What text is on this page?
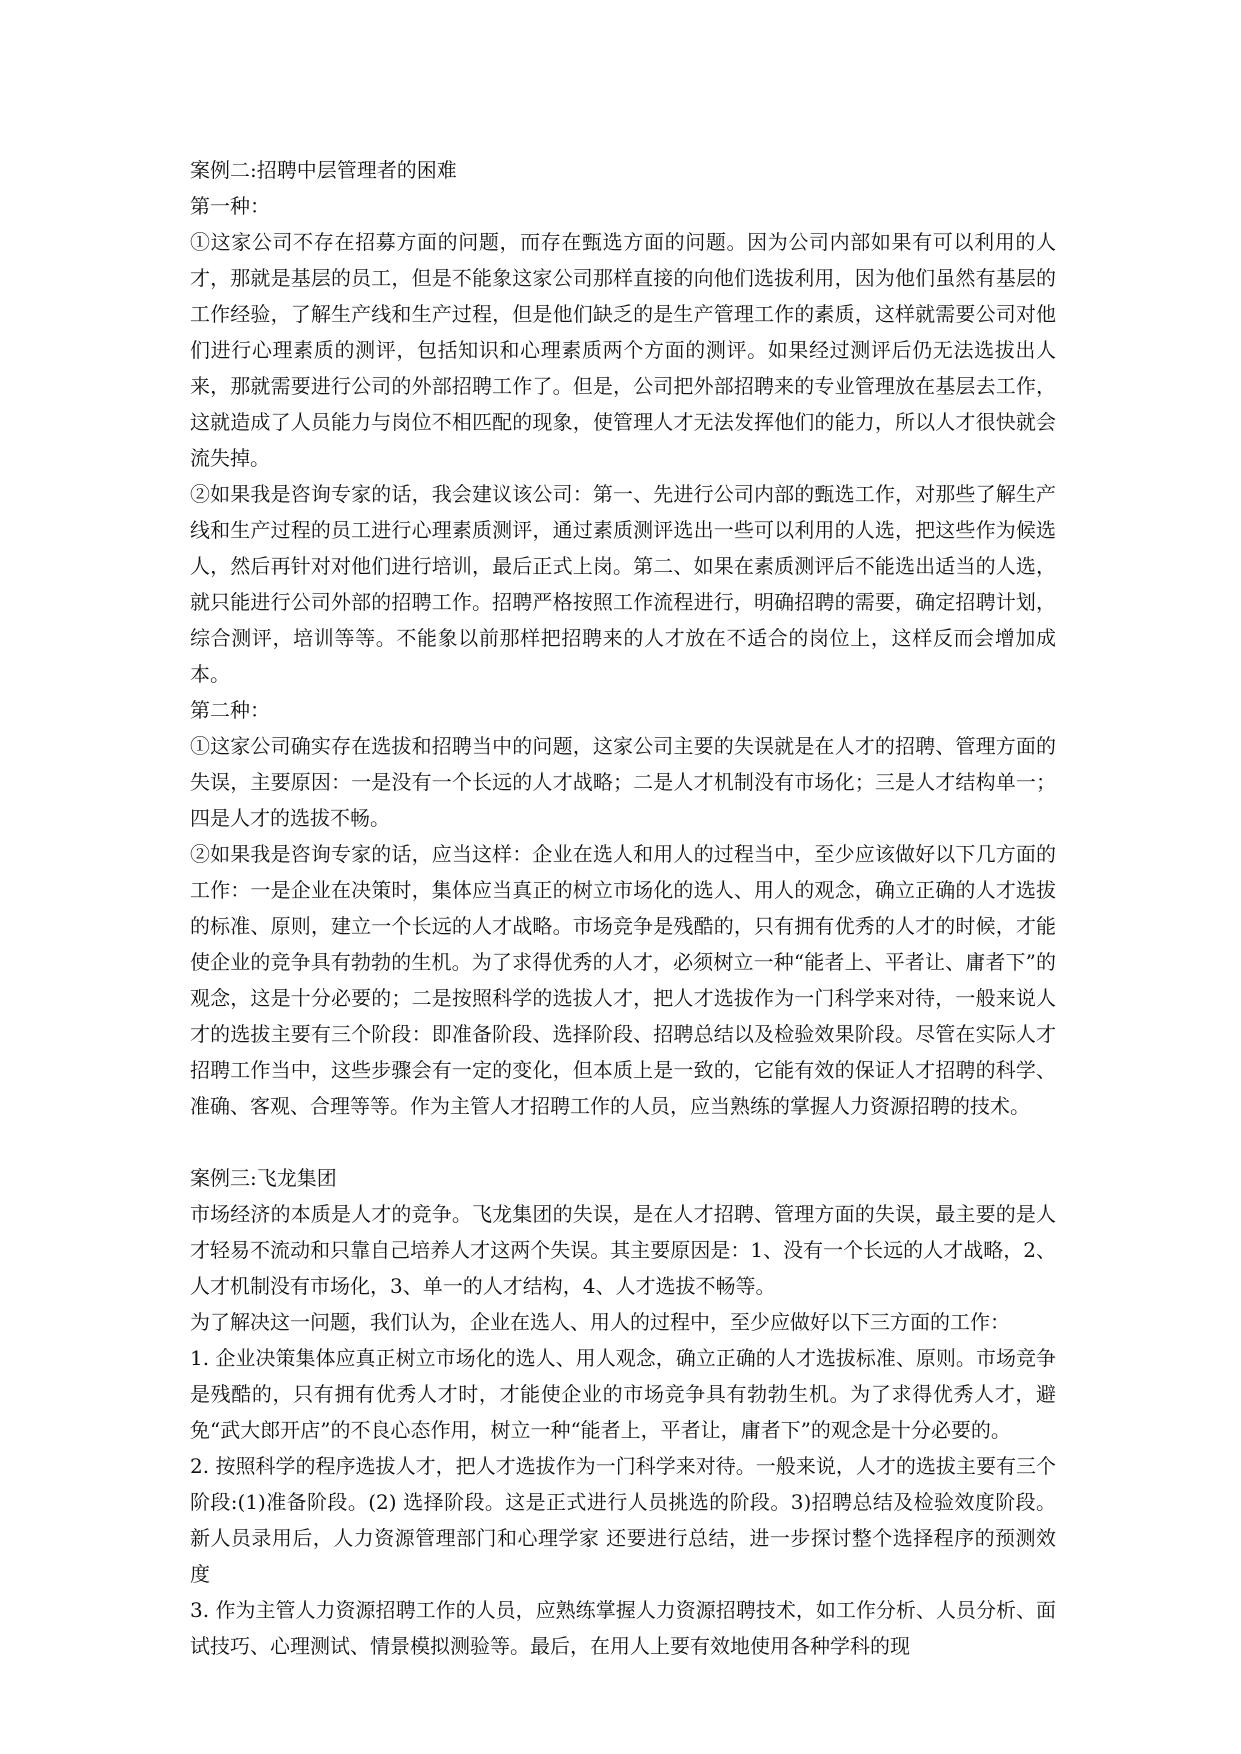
案例二:招聘中层管理者的困难

第一种：

①这家公司不存在招募方面的问题，而存在甄选方面的问题。因为公司内部如果有可以利用的人才，那就是基层的员工，但是不能象这家公司那样直接的向他们选拔利用，因为他们虽然有基层的工作经验，了解生产线和生产过程，但是他们缺乏的是生产管理工作的素质，这样就需要公司对他们进行心理素质的测评，包括知识和心理素质两个方面的测评。如果经过测评后仍无法选拔出人来，那就需要进行公司的外部招聘工作了。但是，公司把外部招聘来的专业管理放在基层去工作，这就造成了人员能力与岗位不相匹配的现象，使管理人才无法发挥他们的能力，所以人才很快就会流失掉。

②如果我是咨询专家的话，我会建议该公司：第一、先进行公司内部的甄选工作，对那些了解生产线和生产过程的员工进行心理素质测评，通过素质测评选出一些可以利用的人选，把这些作为候选人，然后再针对对他们进行培训，最后正式上岗。第二、如果在素质测评后不能选出适当的人选，就只能进行公司外部的招聘工作。招聘严格按照工作流程进行，明确招聘的需要，确定招聘计划，综合测评，培训等等。不能象以前那样把招聘来的人才放在不适合的岗位上，这样反而会增加成本。

第二种：

①这家公司确实存在选拔和招聘当中的问题，这家公司主要的失误就是在人才的招聘、管理方面的失误，主要原因：一是没有一个长远的人才战略；二是人才机制没有市场化；三是人才结构单一；四是人才的选拔不畅。

②如果我是咨询专家的话，应当这样：企业在选人和用人的过程当中，至少应该做好以下几方面的工作：一是企业在决策时，集体应当真正的树立市场化的选人、用人的观念，确立正确的人才选拔的标准、原则，建立一个长远的人才战略。市场竞争是残酷的，只有拥有优秀的人才的时候，才能使企业的竞争具有勃勃的生机。为了求得优秀的人才，必须树立一种“能者上、平者让、庸者下”的观念，这是十分必要的；二是按照科学的选拔人才，把人才选拔作为一门科学来对待，一般来说人才的选拔主要有三个阶段：即准备阶段、选择阶段、招聘总结以及检验效果阶段。尽管在实际人才招聘工作当中，这些步骤会有一定的变化，但本质上是一致的，它能有效的保证人才招聘的科学、准确、客观、合理等等。作为主管人才招聘工作的人员，应当熟练的掌握人力资源招聘的技术。

案例三:飞龙集团

市场经济的本质是人才的竞争。飞龙集团的失误，是在人才招聘、管理方面的失误，最主要的是人才轻易不流动和只靠自己培养人才这两个失误。其主要原因是：1、没有一个长远的人才战略，2、人才机制没有市场化，3、单一的人才结构，4、人才选拔不畅等。

为了解决这一问题，我们认为，企业在选人、用人的过程中，至少应做好以下三方面的工作：

1. 企业决策集体应真正树立市场化的选人、用人观念，确立正确的人才选拔标准、原则。市场竞争是残酷的，只有拥有优秀人才时，才能使企业的市场竞争具有勃勃生机。为了求得优秀人才，避免“武大郎开店”的不良心态作用，树立一种“能者上，平者让，庸者下”的观念是十分必要的。

2. 按照科学的程序选拔人才，把人才选拔作为一门科学来对待。一般来说，人才的选拔主要有三个阶段:(1)准备阶段。(2) 选择阶段。这是正式进行人员挑选的阶段。3)招聘总结及检验效度阶段。新人员录用后，人力资源管理部门和心理学家 还要进行总结，进一步探讨整个选择程序的预测效度

3. 作为主管人力资源招聘工作的人员，应熟练掌握人力资源招聘技术，如工作分析、人员分析、面试技巧、心理测试、情景模拟测验等。最后，在用人上要有效地使用各种学科的现
